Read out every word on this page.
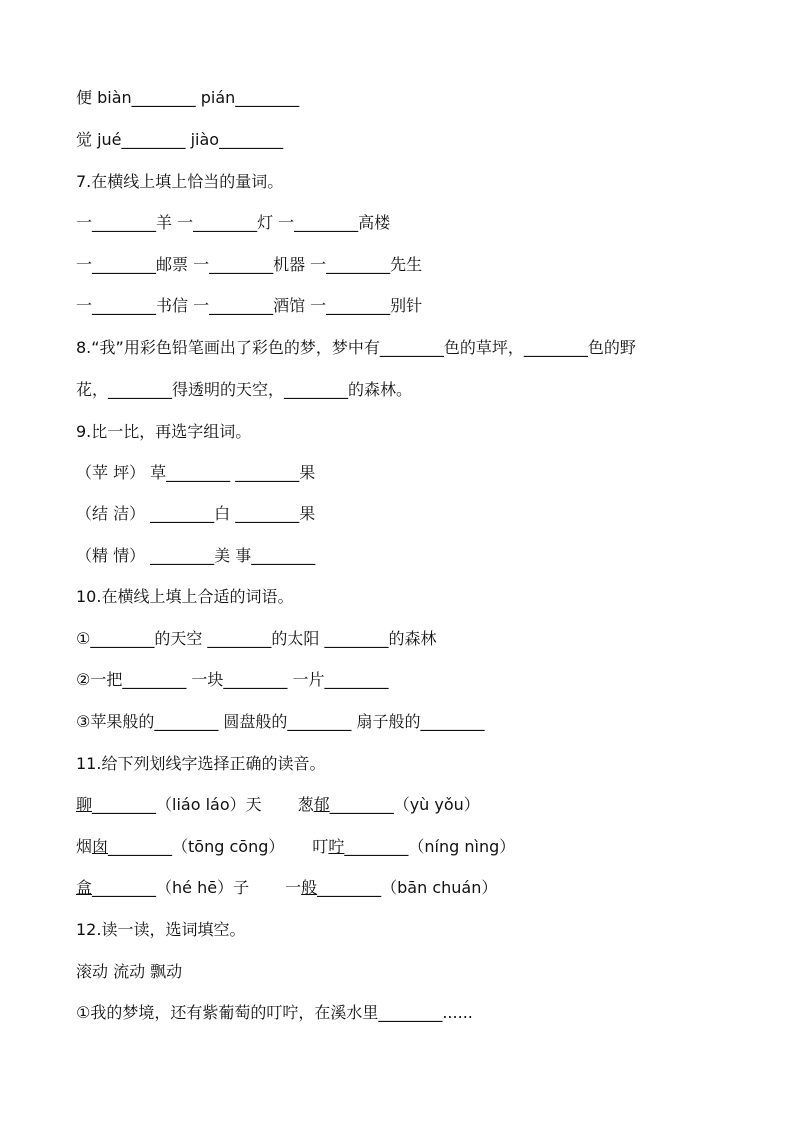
便 biàn________ pián________
觉 jué________ jiào________
7.在横线上填上恰当的量词。
一________羊 一________灯 一________高楼
一________邮票 一________机器 一________先生
一________书信 一________酒馆 一________别针
8.“我”用彩色铅笔画出了彩色的梦，梦中有________色的草坪，________色的野
花，________得透明的天空，________的森林。
9.比一比，再选字组词。
（苹 坪） 草________ ________果
（结 洁） ________白 ________果
（精 情） ________美 事________
10.在横线上填上合适的词语。
①________的天空 ________的太阳 ________的森林
②一把________ 一块________ 一片________
③苹果般的________ 圆盘般的________ 扇子般的________
11.给下列划线字选择正确的读音。
聊________（liáo láo）天 葱郁________（yù yǒu）
烟囱________（tōng cōng） 叮咛________（níng nìng）
盒________（hé hē）子 一般________（bān chuán）
12.读一读，选词填空。
滚动 流动 飘动
①我的梦境，还有紫葡萄的叮咛，在溪水里________......
